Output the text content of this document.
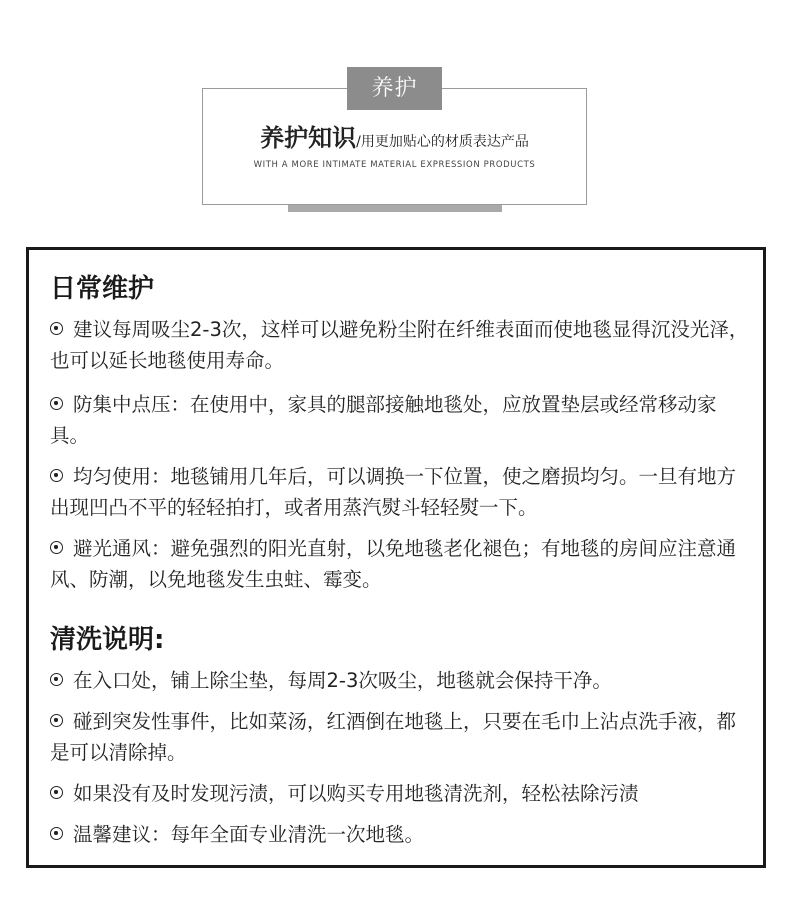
养护
养护知识/用更加贴心的材质表达产品
WITH A MORE INTIMATE MATERIAL EXPRESSION PRODUCTS
日常维护
建议每周吸尘2-3次，这样可以避免粉尘附在纤维表面而使地毯显得沉没光泽，也可以延长地毯使用寿命。
防集中点压：在使用中，家具的腿部接触地毯处，应放置垫层或经常移动家具。
均匀使用：地毯铺用几年后，可以调换一下位置，使之磨损均匀。一旦有地方出现凹凸不平的轻轻拍打，或者用蒸汽熨斗轻轻熨一下。
避光通风：避免强烈的阳光直射，以免地毯老化褪色；有地毯的房间应注意通风、防潮，以免地毯发生虫蛀、霉变。
清洗说明:
在入口处，铺上除尘垫，每周2-3次吸尘，地毯就会保持干净。
碰到突发性事件，比如菜汤，红酒倒在地毯上，只要在毛巾上沾点洗手液，都是可以清除掉。
如果没有及时发现污渍，可以购买专用地毯清洗剂，轻松祛除污渍
温馨建议：每年全面专业清洗一次地毯。
